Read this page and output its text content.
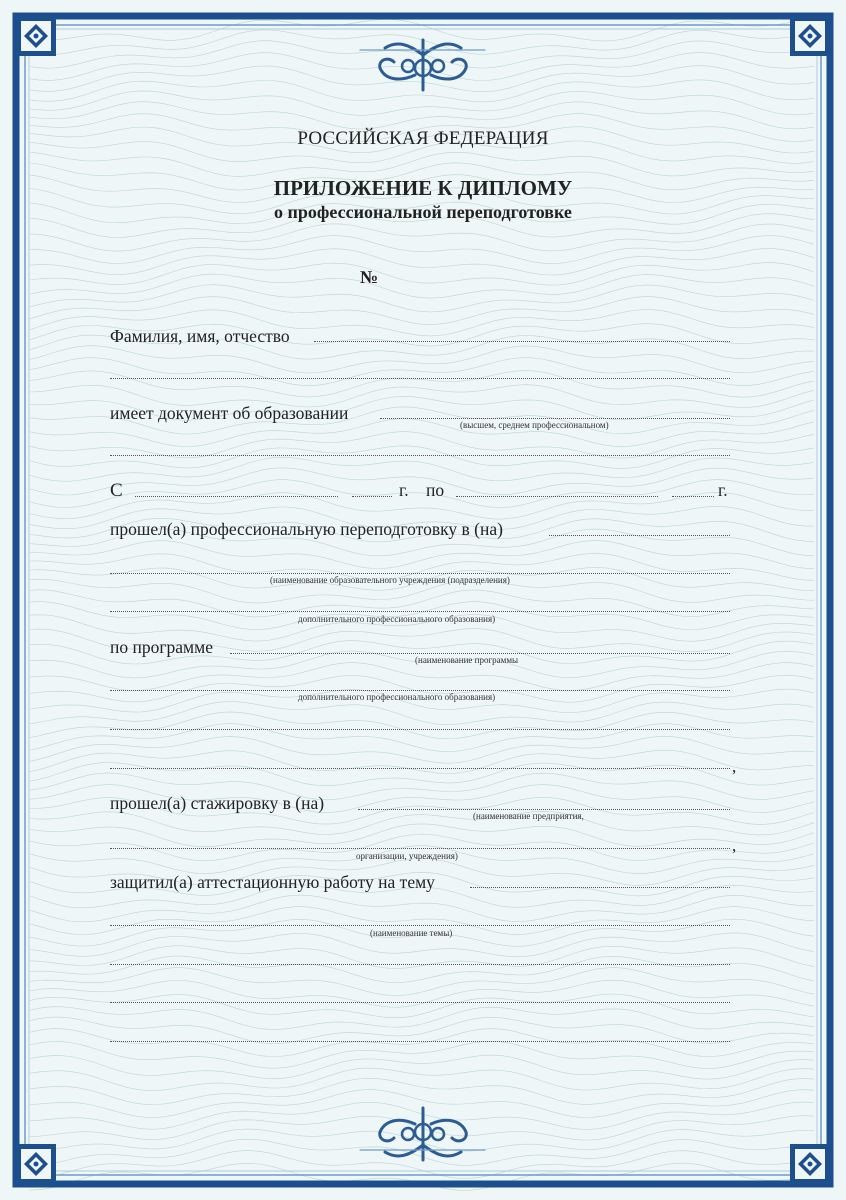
РОССИЙСКАЯ ФЕДЕРАЦИЯ
ПРИЛОЖЕНИЕ К ДИПЛОМУ
о профессиональной переподготовке
№
Фамилия, имя, отчество
имеет документ об образовании
(высшем, среднем профессиональном)
С	г. по	г.
прошел(а) профессиональную переподготовку в (на)
(наименование образовательного учреждения (подразделения)
дополнительного профессионального образования)
по программе
(наименование программы
дополнительного профессионального образования)
,
прошел(а) стажировку в (на)
(наименование предприятия,
,
организации, учреждения)
защитил(а) аттестационную работу на тему
(наименование темы)
